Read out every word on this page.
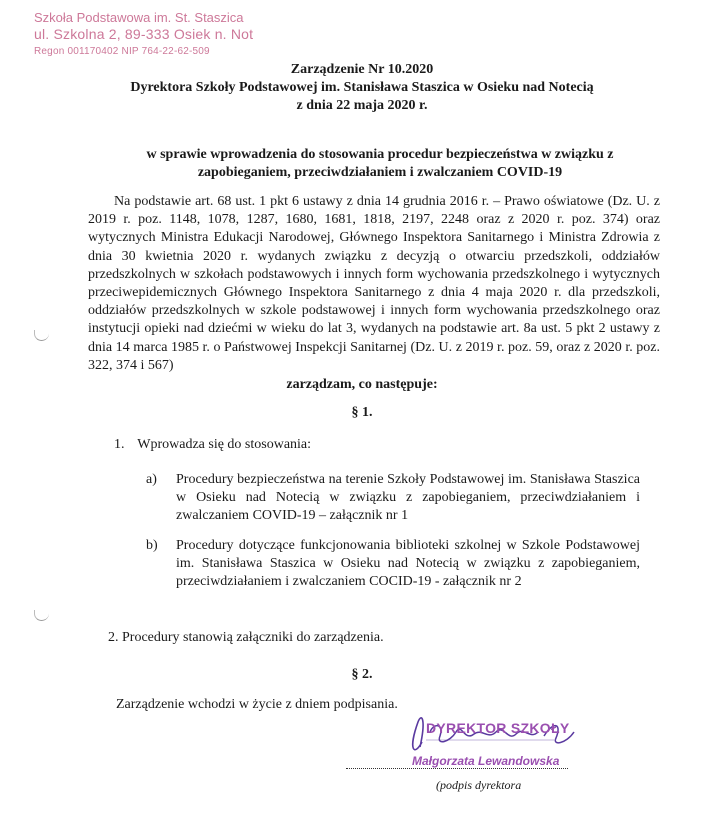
Szkoła Podstawowa im. St. Staszica
ul. Szkolna 2, 89-333 Osiek n. Not
Regon 001170402 NIP 764-22-62-509
Zarządzenie Nr 10.2020
Dyrektora Szkoły Podstawowej im. Stanisława Staszica w Osieku nad Notecią
z dnia 22 maja 2020 r.
w sprawie wprowadzenia do stosowania procedur bezpieczeństwa w związku z zapobieganiem, przeciwdziałaniem i zwalczaniem COVID-19
Na podstawie art. 68 ust. 1 pkt 6 ustawy z dnia 14 grudnia 2016 r. – Prawo oświatowe (Dz. U. z 2019 r. poz. 1148, 1078, 1287, 1680, 1681, 1818, 2197, 2248 oraz z 2020 r. poz. 374) oraz wytycznych Ministra Edukacji Narodowej, Głównego Inspektora Sanitarnego i Ministra Zdrowia z dnia 30 kwietnia 2020 r. wydanych związku z decyzją o otwarciu przedszkoli, oddziałów przedszkolnych w szkołach podstawowych i innych form wychowania przedszkolnego i wytycznych przeciwepidemicznych Głównego Inspektora Sanitarnego z dnia 4 maja 2020 r. dla przedszkoli, oddziałów przedszkolnych w szkole podstawowej i innych form wychowania przedszkolnego oraz instytucji opieki nad dziećmi w wieku do lat 3, wydanych na podstawie art. 8a ust. 5 pkt 2 ustawy z dnia 14 marca 1985 r. o Państwowej Inspekcji Sanitarnej (Dz. U. z 2019 r. poz. 59, oraz z 2020 r. poz. 322, 374 i 567)
zarządzam, co następuje:
§ 1.
1. Wprowadza się do stosowania:
a) Procedury bezpieczeństwa na terenie Szkoły Podstawowej im. Stanisława Staszica w Osieku nad Notecią w związku z zapobieganiem, przeciwdziałaniem i zwalczaniem COVID-19 – załącznik nr 1
b) Procedury dotyczące funkcjonowania biblioteki szkolnej w Szkole Podstawowej im. Stanisława Staszica w Osieku nad Notecią w związku z zapobieganiem, przeciwdziałaniem i zwalczaniem COCID-19 - załącznik nr 2
2. Procedury stanowią załączniki do zarządzenia.
§ 2.
Zarządzenie wchodzi w życie z dniem podpisania.
DYREKTOR SZKOŁY
Małgorzata Lewandowska
(podpis dyrektora
